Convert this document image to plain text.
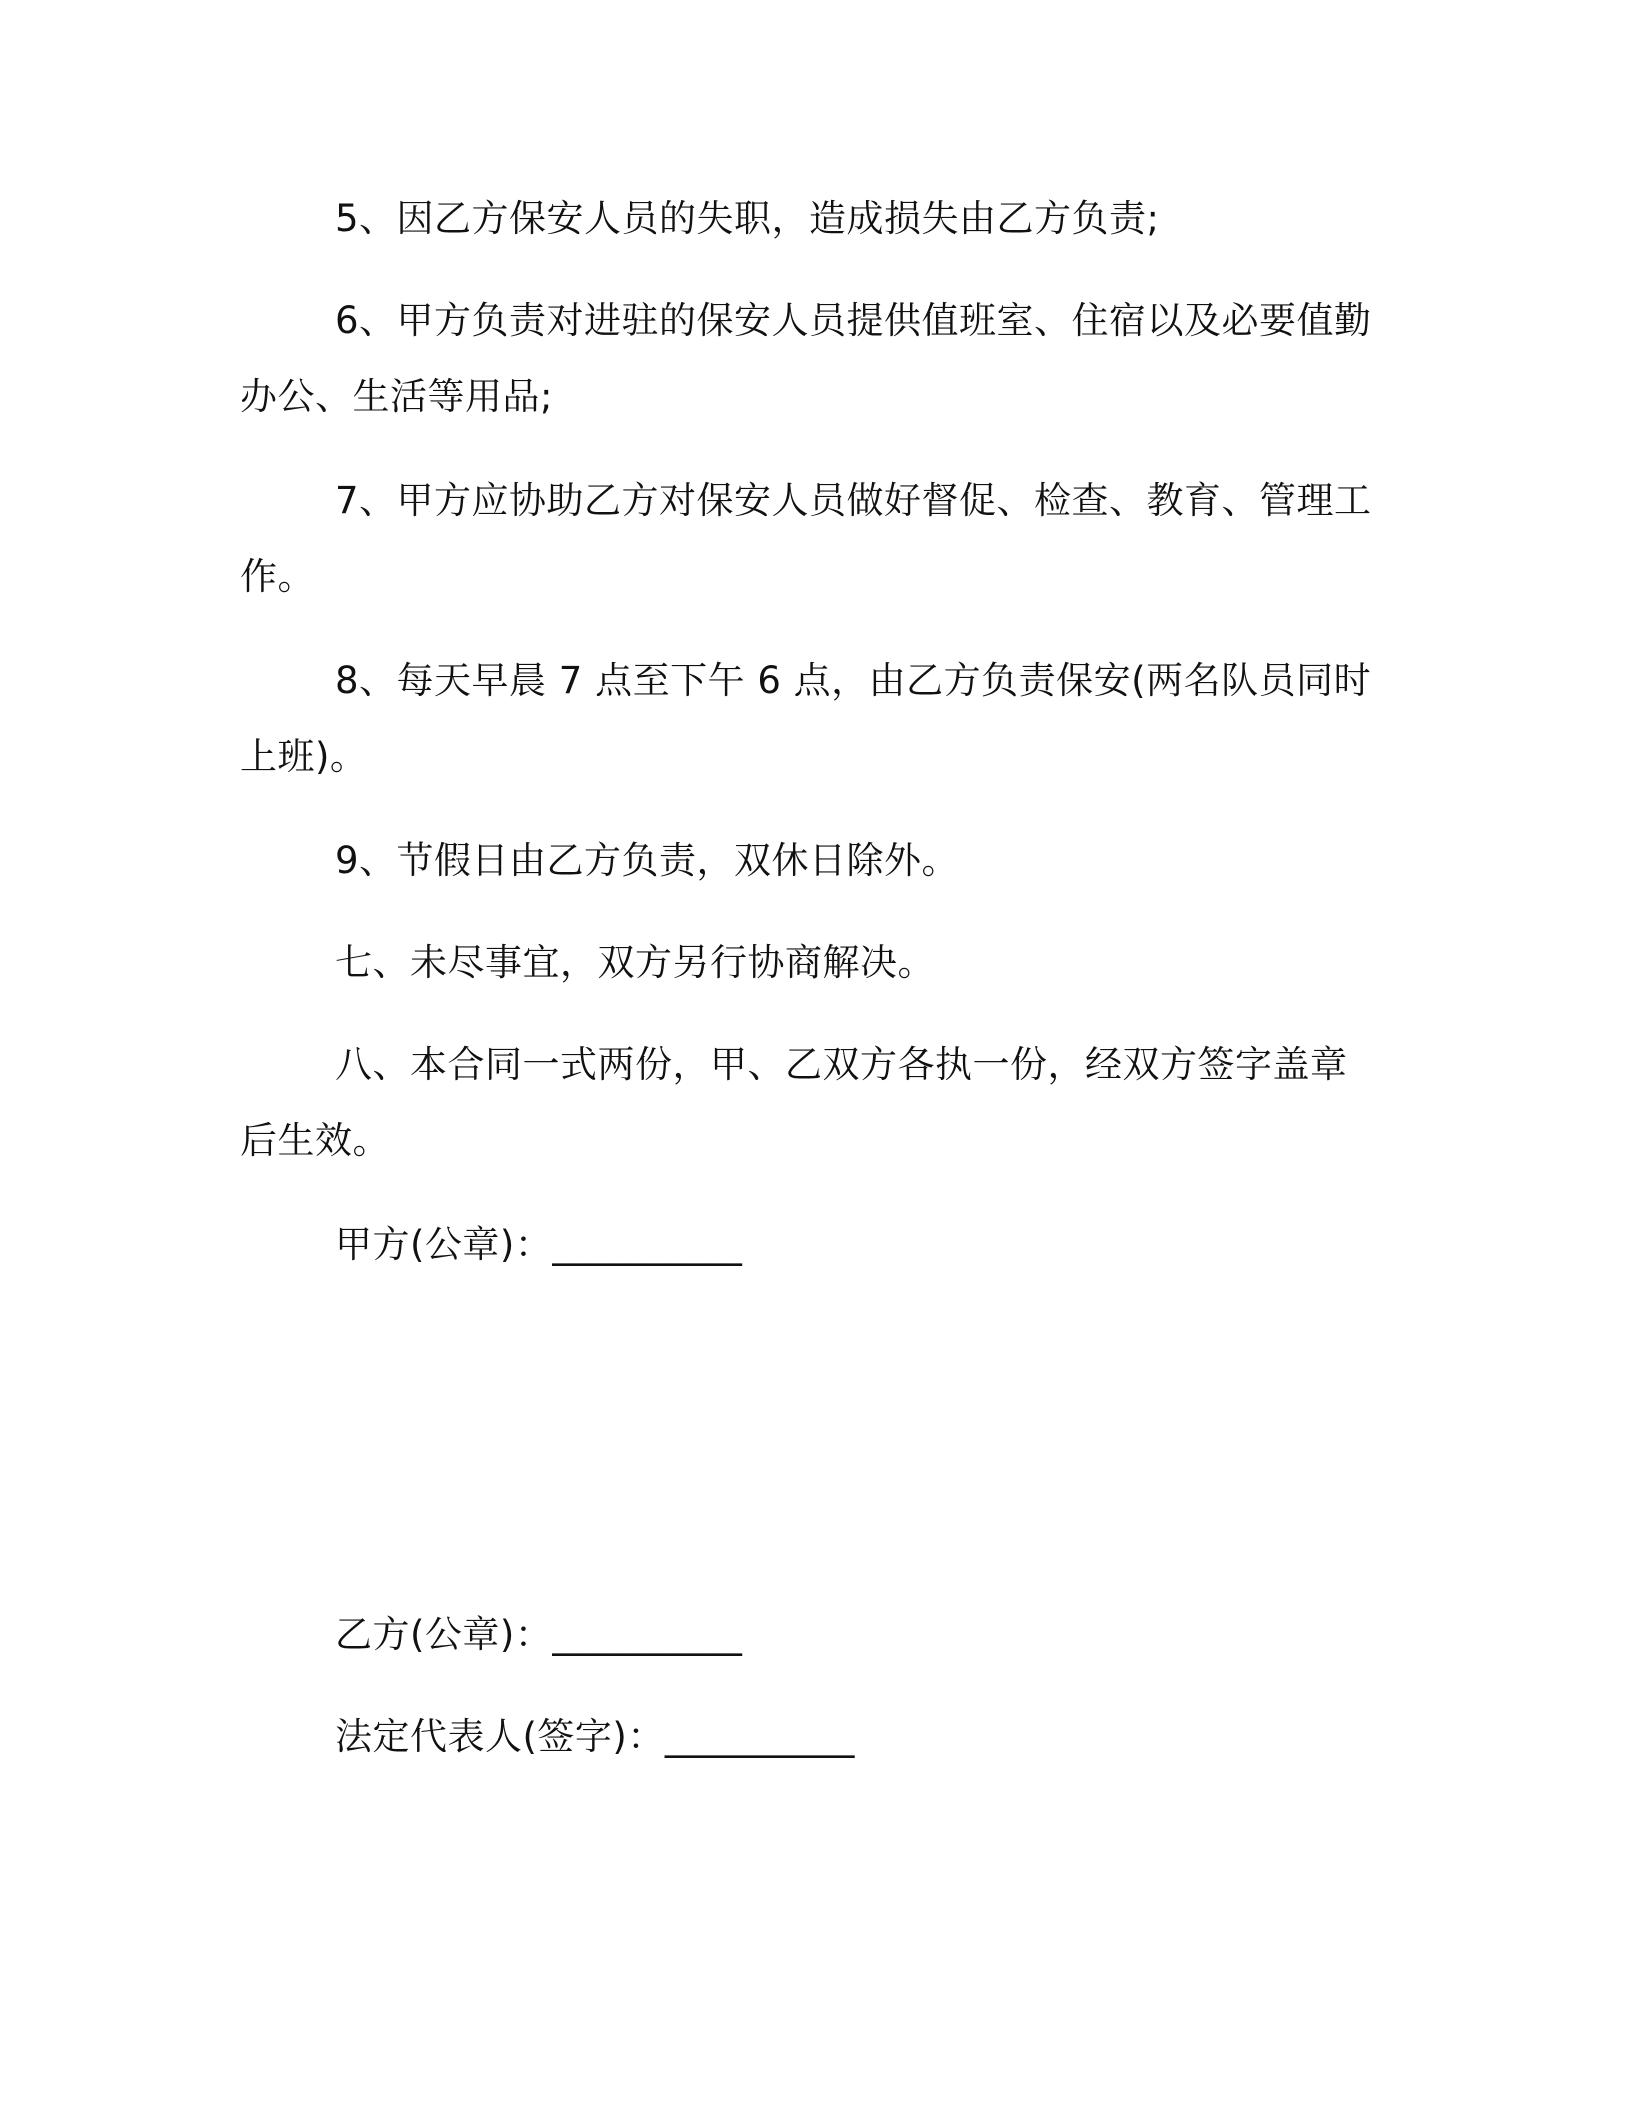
5、因乙方保安人员的失职，造成损失由乙方负责;

6、甲方负责对进驻的保安人员提供值班室、住宿以及必要值勤办公、生活等用品;

7、甲方应协助乙方对保安人员做好督促、检查、教育、管理工作。

8、每天早晨 7 点至下午 6 点，由乙方负责保安(两名队员同时上班)。

9、节假日由乙方负责，双休日除外。

七、未尽事宜，双方另行协商解决。

八、本合同一式两份，甲、乙双方各执一份，经双方签字盖章后生效。

甲方(公章)：__________

乙方(公章)：__________

法定代表人(签字)：__________
